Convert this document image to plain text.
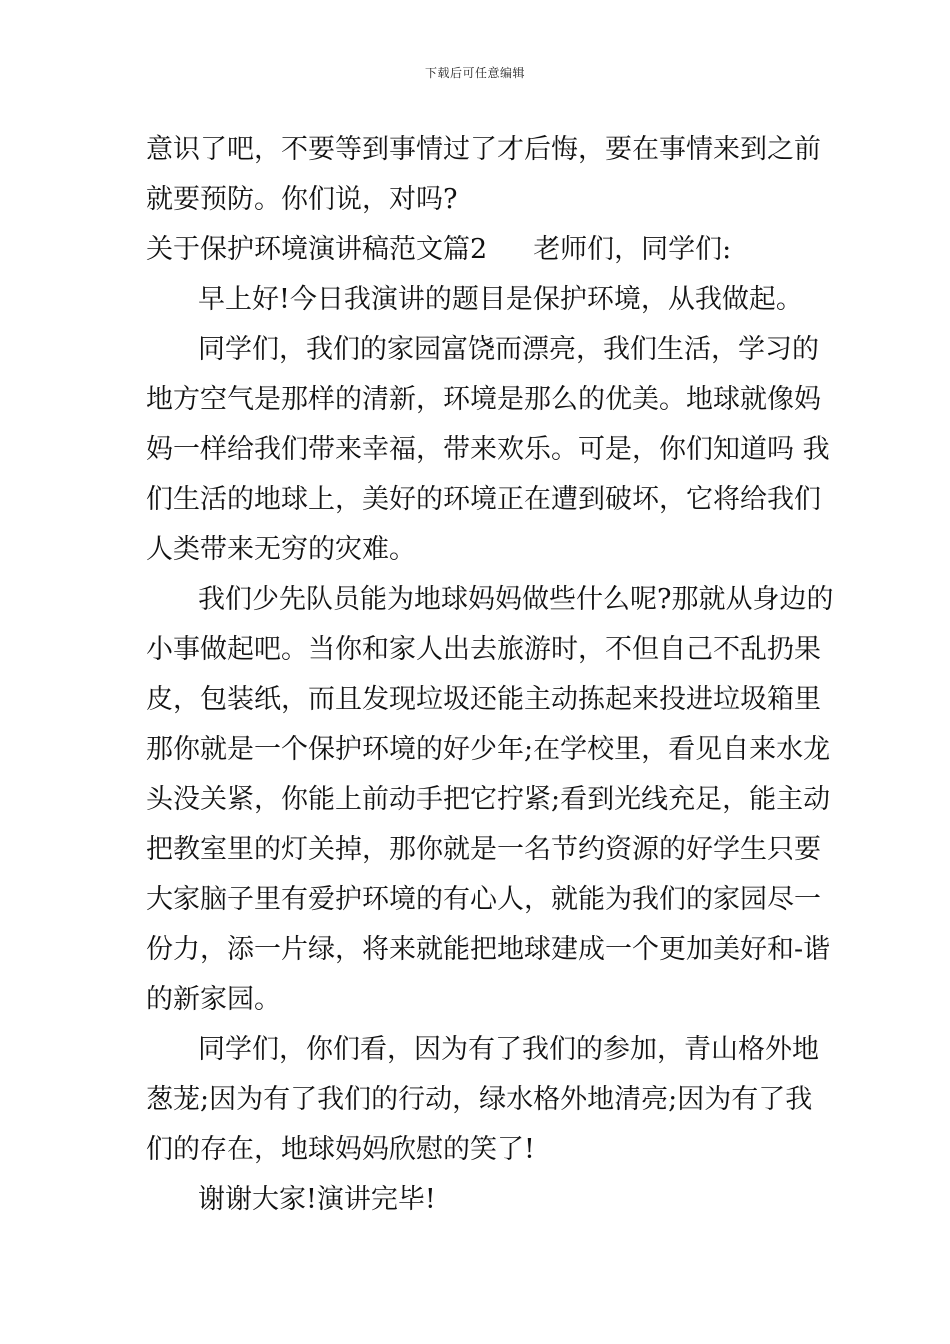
下载后可任意编辑
意识了吧，不要等到事情过了才后悔，要在事情来到之前
就要预防。你们说，对吗?
关于保护环境演讲稿范文篇2 老师们，同学们:
早上好!今日我演讲的题目是保护环境，从我做起。
同学们，我们的家园富饶而漂亮，我们生活，学习的
地方空气是那样的清新，环境是那么的优美。地球就像妈
妈一样给我们带来幸福，带来欢乐。可是，你们知道吗 我
们生活的地球上，美好的环境正在遭到破坏，它将给我们
人类带来无穷的灾难。
我们少先队员能为地球妈妈做些什么呢?那就从身边的
小事做起吧。当你和家人出去旅游时，不但自己不乱扔果
皮，包装纸，而且发现垃圾还能主动拣起来投进垃圾箱里
那你就是一个保护环境的好少年;在学校里，看见自来水龙
头没关紧，你能上前动手把它拧紧;看到光线充足，能主动
把教室里的灯关掉，那你就是一名节约资源的好学生只要
大家脑子里有爱护环境的有心人，就能为我们的家园尽一
份力，添一片绿，将来就能把地球建成一个更加美好和-谐
的新家园。
同学们，你们看，因为有了我们的参加，青山格外地
葱茏;因为有了我们的行动，绿水格外地清亮;因为有了我
们的存在，地球妈妈欣慰的笑了!
谢谢大家!演讲完毕!
